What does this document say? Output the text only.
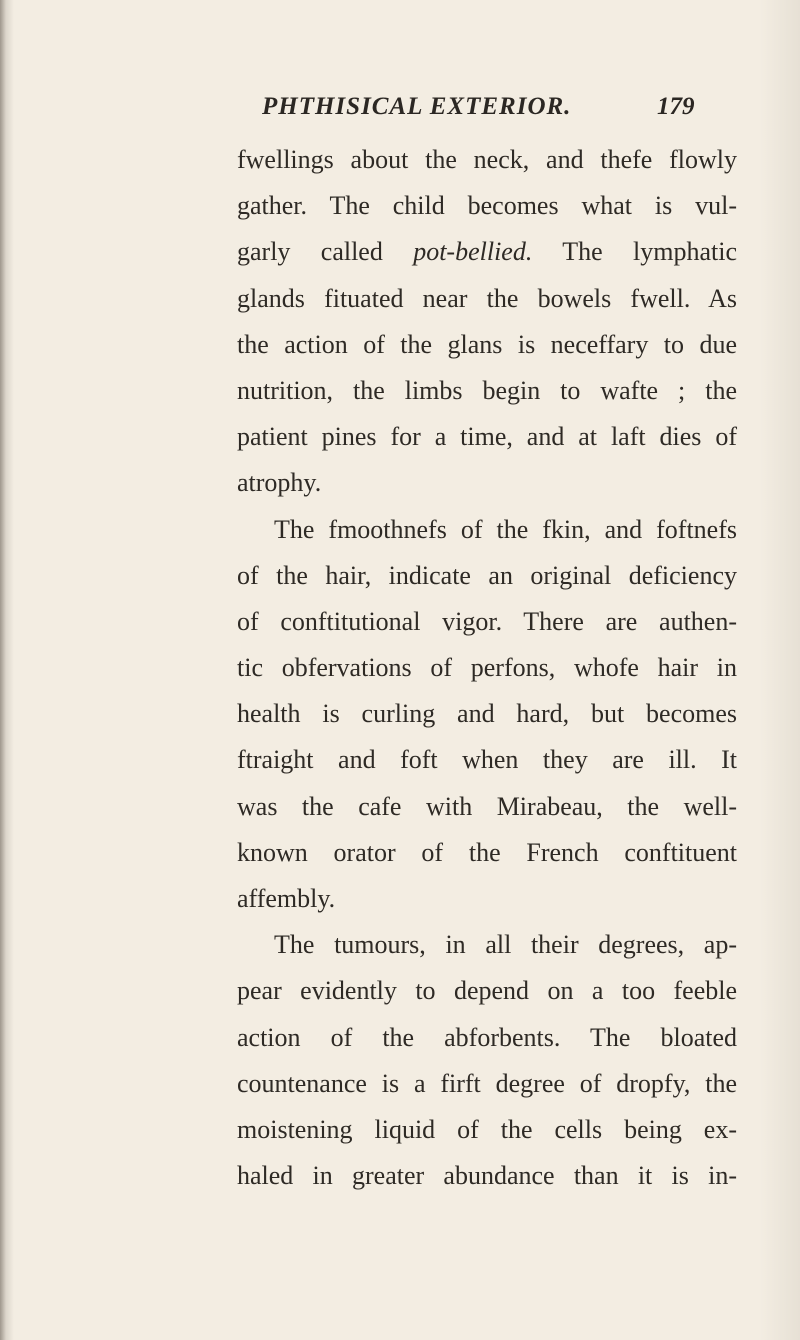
PHTHISICAL EXTERIOR.	179
fwellings about the neck, and thefe flowly
gather. The child becomes what is vul-
garly called pot-bellied. The lymphatic
glands fituated near the bowels fwell. As
the action of the glans is neceffary to due
nutrition, the limbs begin to wafte ; the
patient pines for a time, and at laft dies of
atrophy.
The fmoothnefs of the fkin, and foftnefs
of the hair, indicate an original deficiency
of conftitutional vigor. There are authen-
tic obfervations of perfons, whofe hair in
health is curling and hard, but becomes
ftraight and foft when they are ill. It
was the cafe with Mirabeau, the well-
known orator of the French conftituent
affembly.
The tumours, in all their degrees, ap-
pear evidently to depend on a too feeble
action of the abforbents. The bloated
countenance is a firft degree of dropfy, the
moistening liquid of the cells being ex-
haled in greater abundance than it is in-
